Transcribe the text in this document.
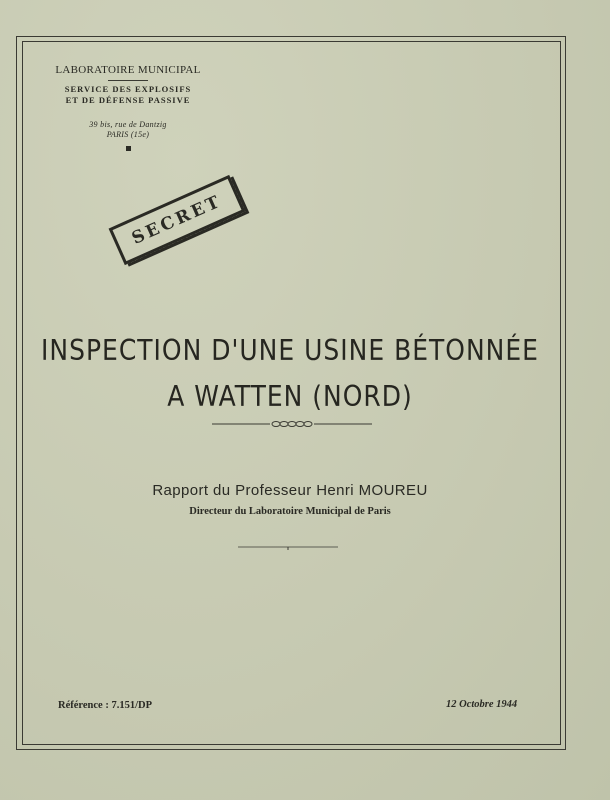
LABORATOIRE MUNICIPAL
SERVICE DES EXPLOSIFS
ET DE DÉFENSE PASSIVE
39 bis, rue de Dantzig
PARIS (15e)
SECRET
INSPECTION D'UNE USINE BÉTONNÉE
A WATTEN (NORD)
Rapport du Professeur Henri MOUREU
Directeur du Laboratoire Municipal de Paris
Référence : 7.151/DP	12 Octobre 1944
